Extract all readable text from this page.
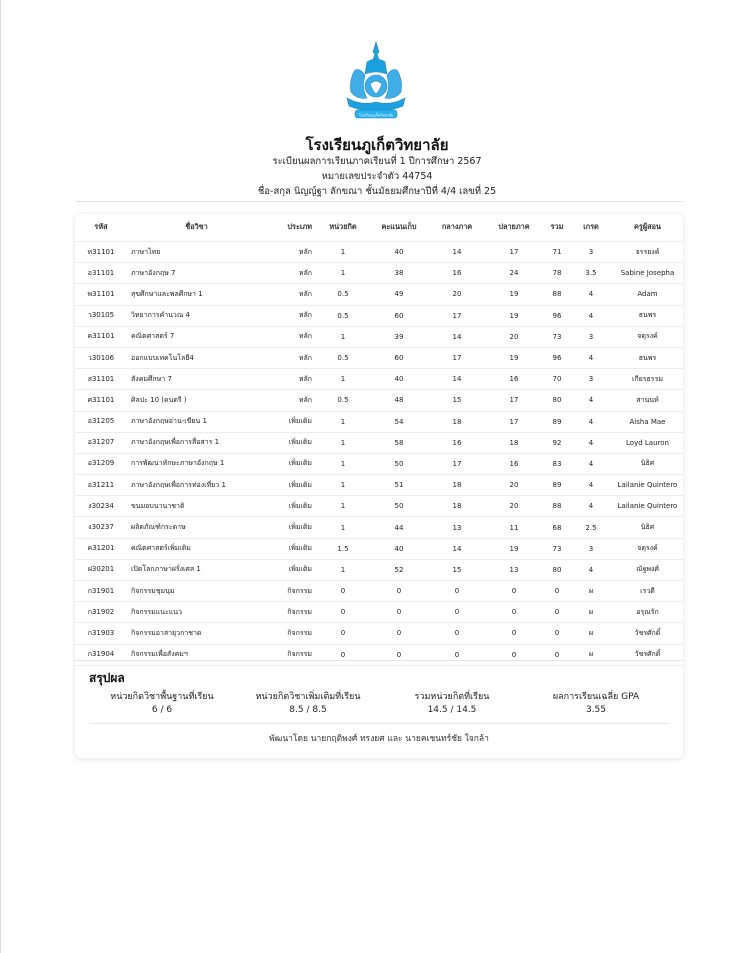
โรงเรียนภูเก็ตวิทยาลัย
โรงเรียนภูเก็ตวิทยาลัย
ระเบียนผลการเรียนภาคเรียนที่ 1 ปีการศึกษา 2567
หมายเลขประจำตัว 44754
ชื่อ-สกุล นิญญ์ฐา ลักขณา ชั้นมัธยมศึกษาปีที่ 4/4 เลขที่ 25
รหัส	ชื่อวิชา	ประเภท	หน่วยกิต	คะแนนเก็บ	กลางภาค	ปลายภาค	รวม	เกรด	ครูผู้สอน
ท31101	ภาษาไทย	หลัก	1	40	14	17	71	3	จรรยงค์
อ31101	ภาษาอังกฤษ 7	หลัก	1	38	16	24	78	3.5	Sabine Josepha
พ31101	สุขศึกษาและพลศึกษา 1	หลัก	0.5	49	20	19	88	4	Adam
ว30105	วิทยาการคำนวณ 4	หลัก	0.5	60	17	19	96	4	ธนพร
ค31101	คณิตศาสตร์ 7	หลัก	1	39	14	20	73	3	จตุรงค์
ว30106	ออกแบบเทคโนโลยี4	หลัก	0.5	60	17	19	96	4	ธนพร
ส31101	สังคมศึกษา 7	หลัก	1	40	14	16	70	3	เกียรธรรม
ศ31101	ศิลปะ 10 (ดนตรี )	หลัก	0.5	48	15	17	80	4	สานนท์
อ31205	ภาษาอังกฤษอ่าน-เขียน 1	เพิ่มเติม	1	54	18	17	89	4	Aisha Mae
อ31207	ภาษาอังกฤษเพื่อการสื่อสาร 1	เพิ่มเติม	1	58	16	18	92	4	Loyd Lauron
อ31209	การพัฒนาทักษะภาษาอังกฤษ 1	เพิ่มเติม	1	50	17	16	83	4	นิธิศ
อ31211	ภาษาอังกฤษเพื่อการท่องเที่ยว 1	เพิ่มเติม	1	51	18	20	89	4	Lailanie Quintero
ง30234	ขนมอบนานาชาติ	เพิ่มเติม	1	50	18	20	88	4	Lailanie Quintero
ง30237	ผลิตภัณฑ์กระดาษ	เพิ่มเติม	1	44	13	11	68	2.5	นิธิศ
ค31201	คณิตศาสตร์เพิ่มเติม	เพิ่มเติม	1.5	40	14	19	73	3	จตุรงค์
ฝ30201	เปิดโลกภาษาฝรั่งเศส 1	เพิ่มเติม	1	52	15	13	80	4	ณัฐพงศ์
ก31901	กิจกรรมชุมนุม	กิจกรรม	0	0	0	0	0	ผ	เรวดี
ก31902	กิจกรรมแนะแนว	กิจกรรม	0	0	0	0	0	ผ	อรุณรัก
ก31903	กิจกรรมอาสายุวกาชาด	กิจกรรม	0	0	0	0	0	ผ	วัชรศักดิ์
ก31904	กิจกรรมเพื่อสังคมฯ	กิจกรรม	0	0	0	0	0	ผ	วัชรศักดิ์
สรุปผล
หน่วยกิตวิชาพื้นฐานที่เรียน
6 / 6
หน่วยกิตวิชาเพิ่มเติมที่เรียน
8.5 / 8.5
รวมหน่วยกิตที่เรียน
14.5 / 14.5
ผลการเรียนเฉลี่ย GPA
3.55
พัฒนาโดย นายกฤติพงศ์ ทรงยศ และ นายคเชนทร์ชัย ใจกล้า
